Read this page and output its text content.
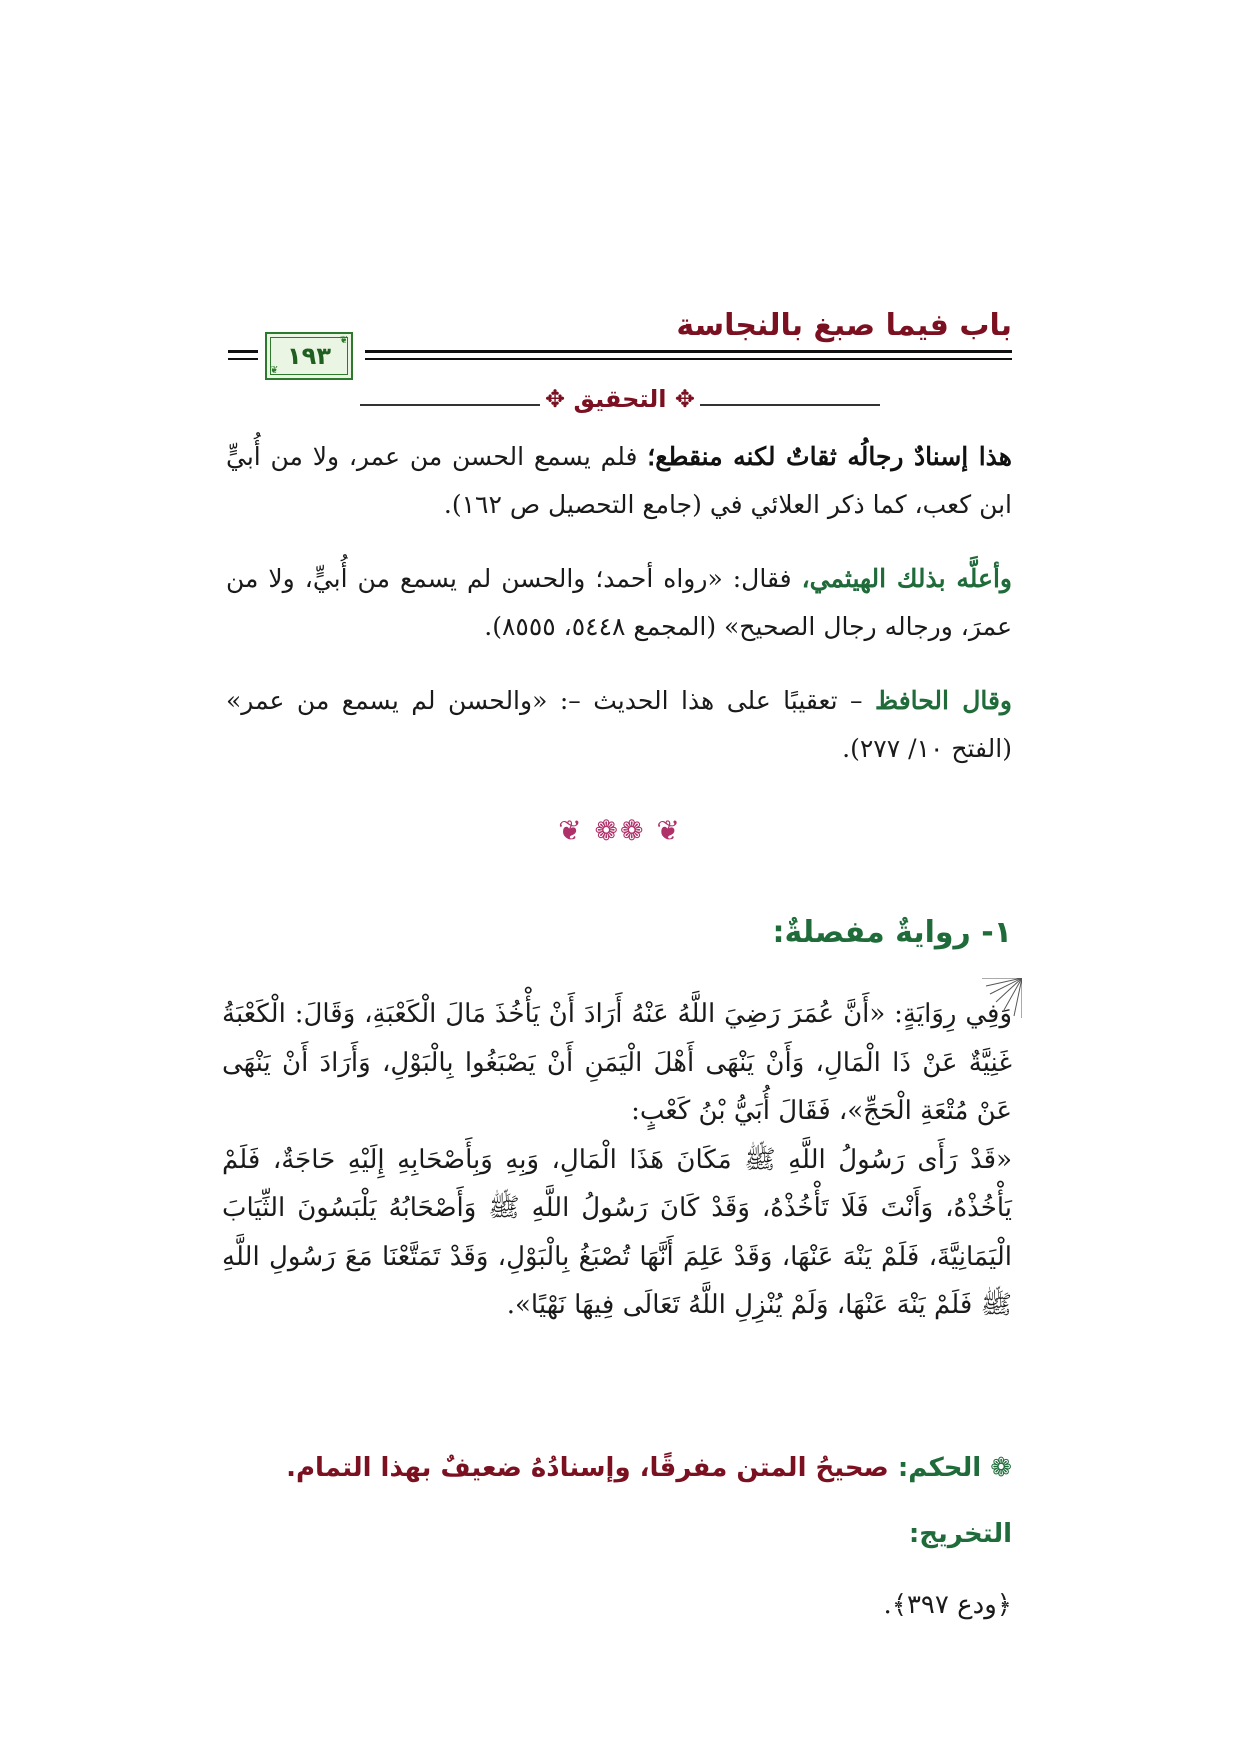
باب فيما صبغ بالنجاسة
❦
❦
١٩٣
✥ التحقيق ✥
هذا إسنادٌ رجالُه ثقاتٌ لكنه منقطع؛ فلم يسمع الحسن من عمر، ولا من أُبيٍّ ابن كعب، كما ذكر العلائي في (جامع التحصيل ص ١٦٢).
وأعلَّه بذلك الهيثمي، فقال: «رواه أحمد؛ والحسن لم يسمع من أُبيٍّ، ولا من عمرَ، ورجاله رجال الصحيح» (المجمع ٥٤٤٨، ٨٥٥٥).
وقال الحافظ – تعقيبًا على هذا الحديث –: «والحسن لم يسمع من عمر» (الفتح ١٠/ ٢٧٧).
❦ ❁❁ ❦
١- روايةٌ مفصلةٌ:
وَفِي رِوَايَةٍ: «أَنَّ عُمَرَ رَضِيَ اللَّهُ عَنْهُ أَرَادَ أَنْ يَأْخُذَ مَالَ الْكَعْبَةِ، وَقَالَ: الْكَعْبَةُ غَنِيَّةٌ عَنْ ذَا الْمَالِ، وَأَنْ يَنْهَى أَهْلَ الْيَمَنِ أَنْ يَصْبَغُوا بِالْبَوْلِ، وَأَرَادَ أَنْ يَنْهَى عَنْ مُتْعَةِ الْحَجِّ»، فَقَالَ أُبَيُّ بْنُ كَعْبٍ:
«قَدْ رَأَى رَسُولُ اللَّهِ ﷺ مَكَانَ هَذَا الْمَالِ، وَبِهِ وَبِأَصْحَابِهِ إِلَيْهِ حَاجَةٌ، فَلَمْ يَأْخُذْهُ، وَأَنْتَ فَلَا تَأْخُذْهُ، وَقَدْ كَانَ رَسُولُ اللَّهِ ﷺ وَأَصْحَابُهُ يَلْبَسُونَ الثِّيَابَ الْيَمَانِيَّةَ، فَلَمْ يَنْهَ عَنْهَا، وَقَدْ عَلِمَ أَنَّهَا تُصْبَغُ بِالْبَوْلِ، وَقَدْ تَمَتَّعْنَا مَعَ رَسُولِ اللَّهِ ﷺ فَلَمْ يَنْهَ عَنْهَا، وَلَمْ يُنْزِلِ اللَّهُ تَعَالَى فِيهَا نَهْيًا».
❁ الحكم: صحيحُ المتن مفرقًا، وإسنادُهُ ضعيفٌ بهذا التمام.
التخريج:
﴿ودع ٣٩٧﴾.
